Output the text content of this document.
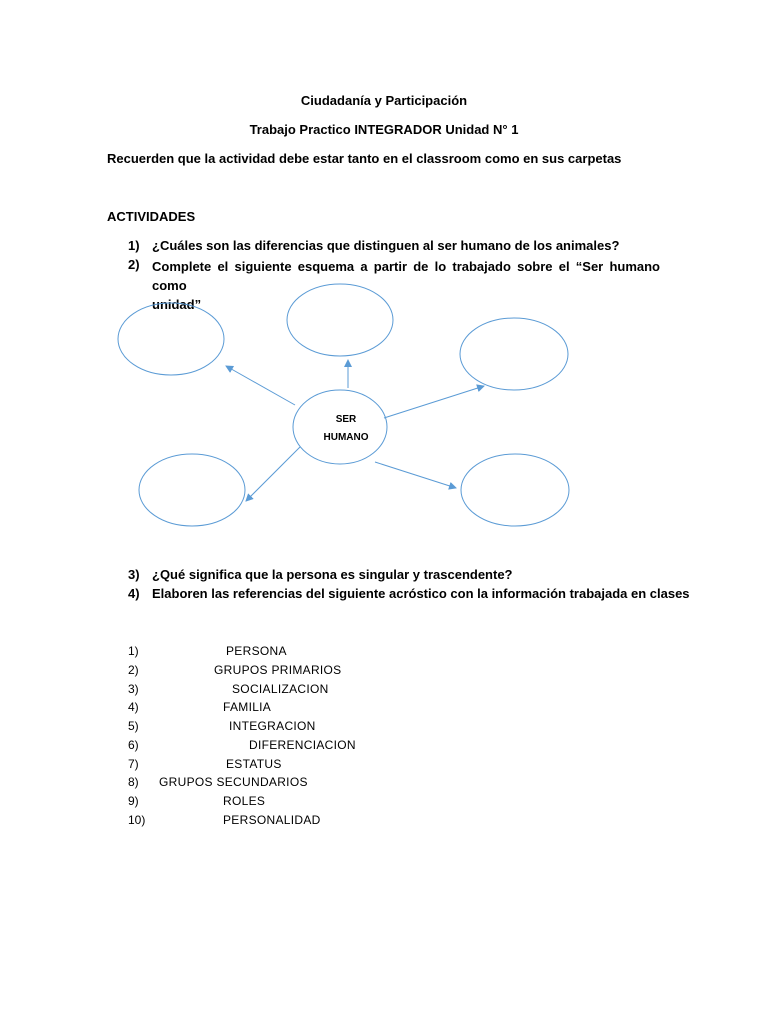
Ciudadanía y Participación
Trabajo Practico INTEGRADOR Unidad N° 1
Recuerden que la actividad debe estar tanto en el classroom como en sus carpetas
ACTIVIDADES
1) ¿Cuáles son las diferencias que distinguen al ser humano de los animales?
2) Complete el siguiente esquema a partir de lo trabajado sobre el “Ser humano como
unidad”
SER
HUMANO
3) ¿Qué significa que la persona es singular y trascendente?
4) Elaboren las referencias del siguiente acróstico con la información trabajada en clases
1)	PERSONA
2)	GRUPOS PRIMARIOS
3)	SOCIALIZACION
4)	FAMILIA
5)	INTEGRACION
6)	DIFERENCIACION
7)	ESTATUS
8) GRUPOS SECUNDARIOS
9)	ROLES
10)	PERSONALIDAD
